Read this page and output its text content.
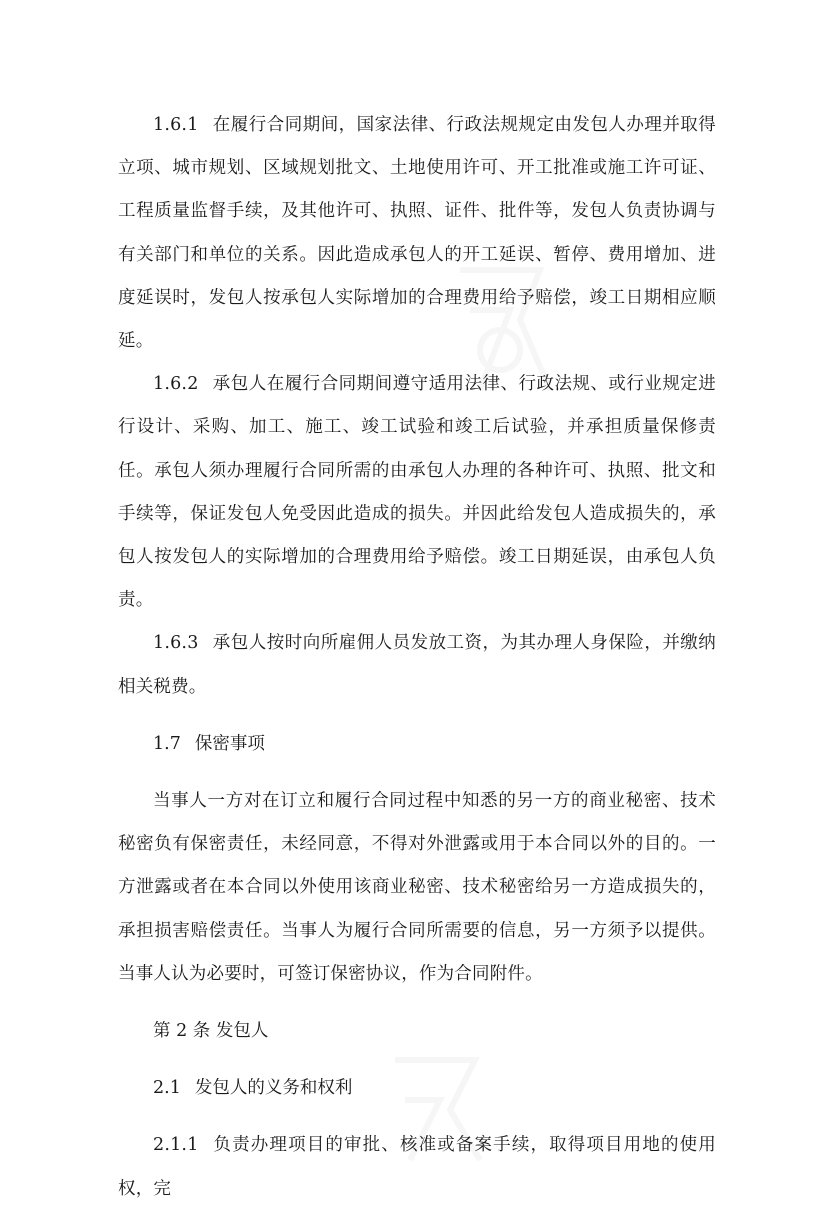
1.6.1 在履行合同期间，国家法律、行政法规规定由发包人办理并取得立项、城市规划、区域规划批文、土地使用许可、开工批准或施工许可证、工程质量监督手续，及其他许可、执照、证件、批件等，发包人负责协调与有关部门和单位的关系。因此造成承包人的开工延误、暂停、费用增加、进度延误时，发包人按承包人实际增加的合理费用给予赔偿，竣工日期相应顺延。

1.6.2 承包人在履行合同期间遵守适用法律、行政法规、或行业规定进行设计、采购、加工、施工、竣工试验和竣工后试验，并承担质量保修责任。承包人须办理履行合同所需的由承包人办理的各种许可、执照、批文和手续等，保证发包人免受因此造成的损失。并因此给发包人造成损失的，承包人按发包人的实际增加的合理费用给予赔偿。竣工日期延误，由承包人负责。

1.6.3 承包人按时向所雇佣人员发放工资，为其办理人身保险，并缴纳相关税费。

1.7 保密事项

当事人一方对在订立和履行合同过程中知悉的另一方的商业秘密、技术秘密负有保密责任，未经同意，不得对外泄露或用于本合同以外的目的。一方泄露或者在本合同以外使用该商业秘密、技术秘密给另一方造成损失的，承担损害赔偿责任。当事人为履行合同所需要的信息，另一方须予以提供。当事人认为必要时，可签订保密协议，作为合同附件。

第 2 条 发包人

2.1 发包人的义务和权利

2.1.1 负责办理项目的审批、核准或备案手续，取得项目用地的使用权，完
